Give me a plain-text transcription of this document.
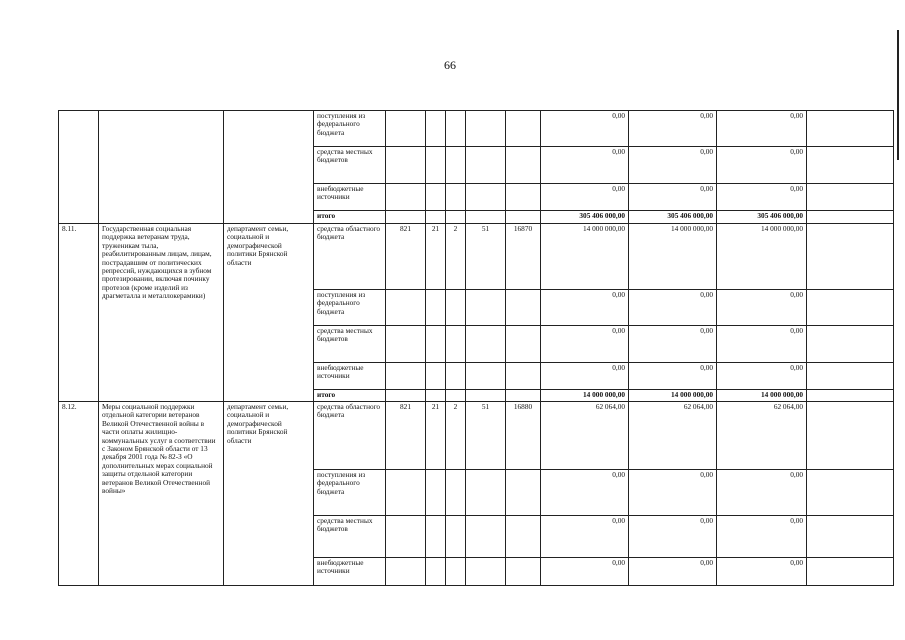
66
			поступления из федерального бюджета						0,00	0,00	0,00	
			средства местных бюджетов						0,00	0,00	0,00	
			внебюджетные источники						0,00	0,00	0,00	
			итого						305 406 000,00	305 406 000,00	305 406 000,00	
8.11.	Государственная социальная поддержка ветеранам труда, труженикам тыла, реабилитированным лицам, лицам, пострадавшим от политических репрессий, нуждающихся в зубном протезировании, включая починку протезов (кроме изделий из драгметалла и металлокерамики)	департамент семьи, социальной и демографической политики Брянской области	средства областного бюджета	821	21	2	51	16870	14 000 000,00	14 000 000,00	14 000 000,00	
			поступления из федерального бюджета						0,00	0,00	0,00	
			средства местных бюджетов						0,00	0,00	0,00	
			внебюджетные источники						0,00	0,00	0,00	
			итого						14 000 000,00	14 000 000,00	14 000 000,00	
8.12.	Меры социальной поддержки отдельной категории ветеранов Великой Отечественной войны в части оплаты жилищно-коммунальных услуг в соответствии с Законом Брянской области от 13 декабря 2001 года № 82-З «О дополнительных мерах социальной защиты отдельной категории ветеранов Великой Отечественной войны»	департамент семьи, социальной и демографической политики Брянской области	средства областного бюджета	821	21	2	51	16880	62 064,00	62 064,00	62 064,00	
			поступления из федерального бюджета						0,00	0,00	0,00	
			средства местных бюджетов						0,00	0,00	0,00	
			внебюджетные источники						0,00	0,00	0,00	
